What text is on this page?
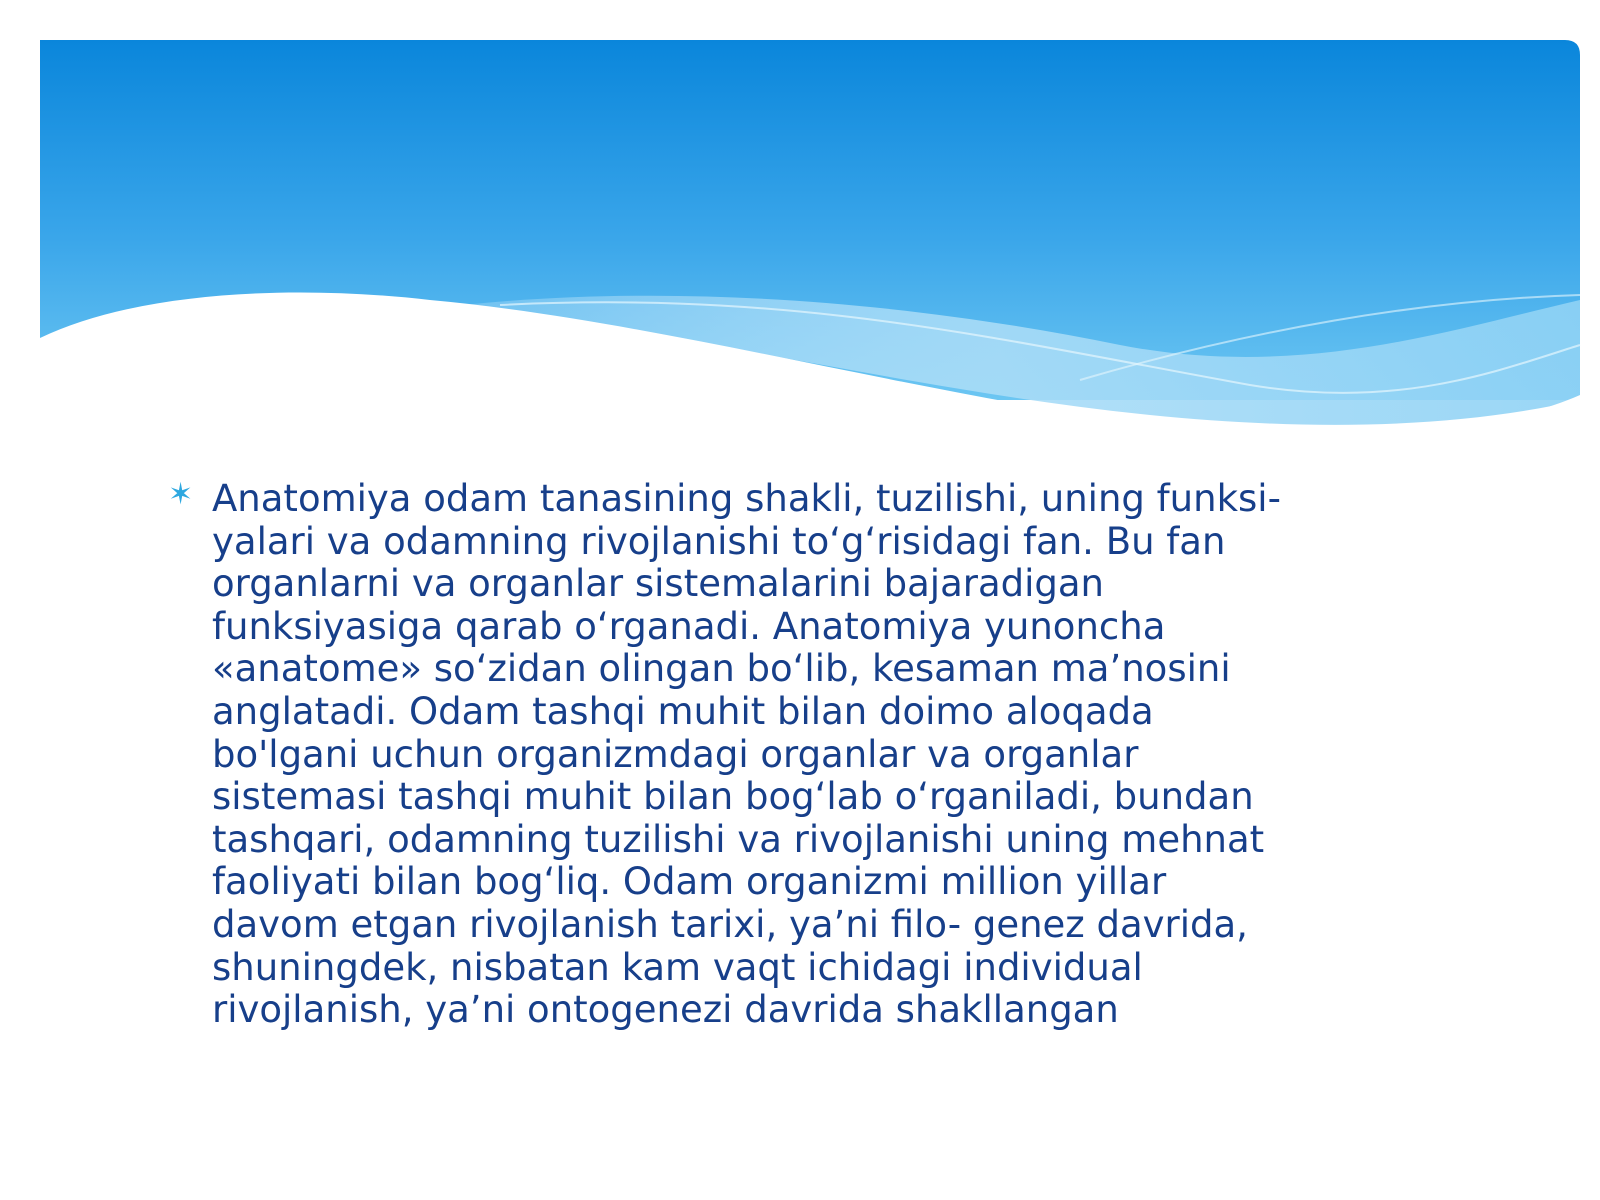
✶ Anatomiya odam tanasining shakli, tuzilishi, uning funksi-
yalari va odamning rivojlanishi to‘g‘risidagi fan. Bu fan
organlarni va organlar sistemalarini bajaradigan
funksiyasiga qarab o‘rganadi. Anatomiya yunoncha
«anatome» so‘zidan olingan bo‘lib, kesaman ma’nosini
anglatadi. Odam tashqi muhit bilan doimo aloqada
bo'lgani uchun organizmdagi organlar va organlar
sistemasi tashqi muhit bilan bog‘lab o‘rganiladi, bundan
tashqari, odamning tuzilishi va rivojlanishi uning mehnat
faoliyati bilan bog‘liq. Odam organizmi million yillar
davom etgan rivojlanish tarixi, ya’ni filo- genez davrida,
shuningdek, nisbatan kam vaqt ichidagi individual
rivojlanish, ya’ni ontogenezi davrida shakllangan
